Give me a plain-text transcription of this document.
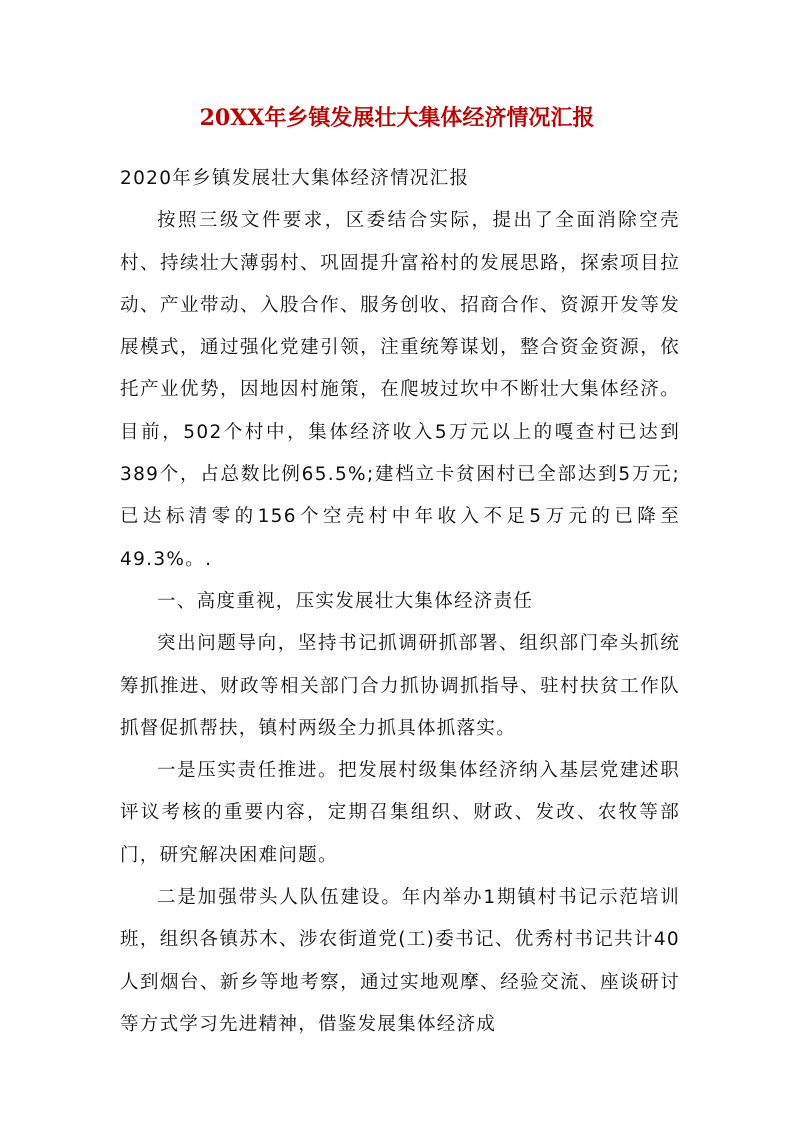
20XX年乡镇发展壮大集体经济情况汇报

2020年乡镇发展壮大集体经济情况汇报

按照三级文件要求，区委结合实际，提出了全面消除空壳村、持续壮大薄弱村、巩固提升富裕村的发展思路，探索项目拉动、产业带动、入股合作、服务创收、招商合作、资源开发等发展模式，通过强化党建引领，注重统筹谋划，整合资金资源，依托产业优势，因地因村施策，在爬坡过坎中不断壮大集体经济。目前，502个村中，集体经济收入5万元以上的嘎查村已达到389个，占总数比例65.5%;建档立卡贫困村已全部达到5万元;已达标清零的156个空壳村中年收入不足5万元的已降至49.3%。.

一、高度重视，压实发展壮大集体经济责任

突出问题导向，坚持书记抓调研抓部署、组织部门牵头抓统筹抓推进、财政等相关部门合力抓协调抓指导、驻村扶贫工作队抓督促抓帮扶，镇村两级全力抓具体抓落实。

一是压实责任推进。把发展村级集体经济纳入基层党建述职评议考核的重要内容，定期召集组织、财政、发改、农牧等部门，研究解决困难问题。

二是加强带头人队伍建设。年内举办1期镇村书记示范培训班，组织各镇苏木、涉农街道党(工)委书记、优秀村书记共计40人到烟台、新乡等地考察，通过实地观摩、经验交流、座谈研讨等方式学习先进精神，借鉴发展集体经济成
